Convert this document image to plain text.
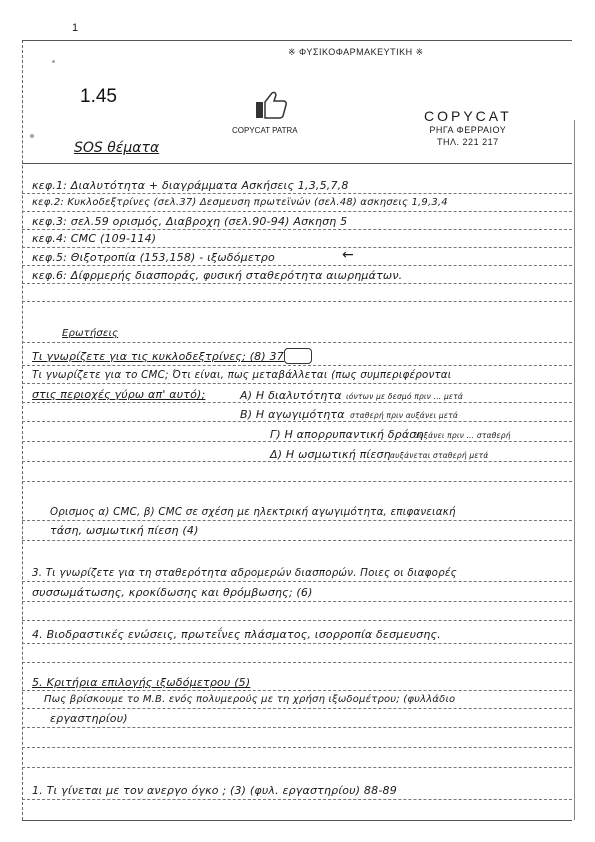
1
※ ΦΥΣΙΚΟΦΑΡΜΑΚΕΥΤΙΚΗ ※
1.45
COPYCAT PATRA
COPYCAT
ΡΗΓΑ ΦΕΡΡΑΙΟΥ
ΤΗΛ. 221 217
SOS θέματα
κεφ.1: Διαλυτότητα + διαγράμματα Ασκήσεις 1,3,5,7,8
κεφ.2: Κυκλοδεξτρίνες (σελ.37) Δεσμευση πρωτεϊνών (σελ.48) ασκησεις 1,9,3,4
κεφ.3: σελ.59 ορισμός, Διαβροχη (σελ.90-94) Ασκηση 5
κεφ.4: CMC (109-114)
κεφ.5: Θιξοτροπία (153,158) - ιξωδόμετρο	←
κεφ.6: Δίφρμερής διασποράς, φυσική σταθερότητα αιωρημάτων.
Ερωτήσεις
Τι γνωρίζετε για τις κυκλοδεξτρίνες; (8) 37
Τι γνωρίζετε για το CMC; Ότι είναι, πως μεταβάλλεται (πως συμπεριφέρονται
στις περιοχές γύρω απ' αυτό);	Α) Η διαλυτότητα ιόντων με δεσμό πριν ... μετά
Β) Η αγωγιμότητα σταθερή πριν αυξάνει μετά
Γ) Η απορρυπαντική δράση
αυξάνει πριν ... σταθερή
Δ) Η ωσμωτική πίεση αυξάνεται σταθερή μετά
Ορισμος α) CMC, β) CMC σε σχέση με ηλεκτρική αγωγιμότητα, επιφανειακή
τάση, ωσμωτική πίεση (4)
3. Τι γνωρίζετε για τη σταθερότητα αδρομερών διασπορών. Ποιες οι διαφορές
συσσωμάτωσης, κροκίδωσης και θρόμβωσης; (6)
4. Βιοδραστικές ενώσεις, πρωτεΐνες πλάσματος, ισορροπία δεσμευσης.
5. Κριτήρια επιλογής ιξωδόμετρου (5)
Πως βρίσκουμε το Μ.Β. ενός πολυμερούς με τη χρήση ιξωδομέτρου; (φυλλάδιο
εργαστηρίου)
1. Τι γίνεται με τον ανεργο όγκο ; (3) (φυλ. εργαστηρίου) 88-89
